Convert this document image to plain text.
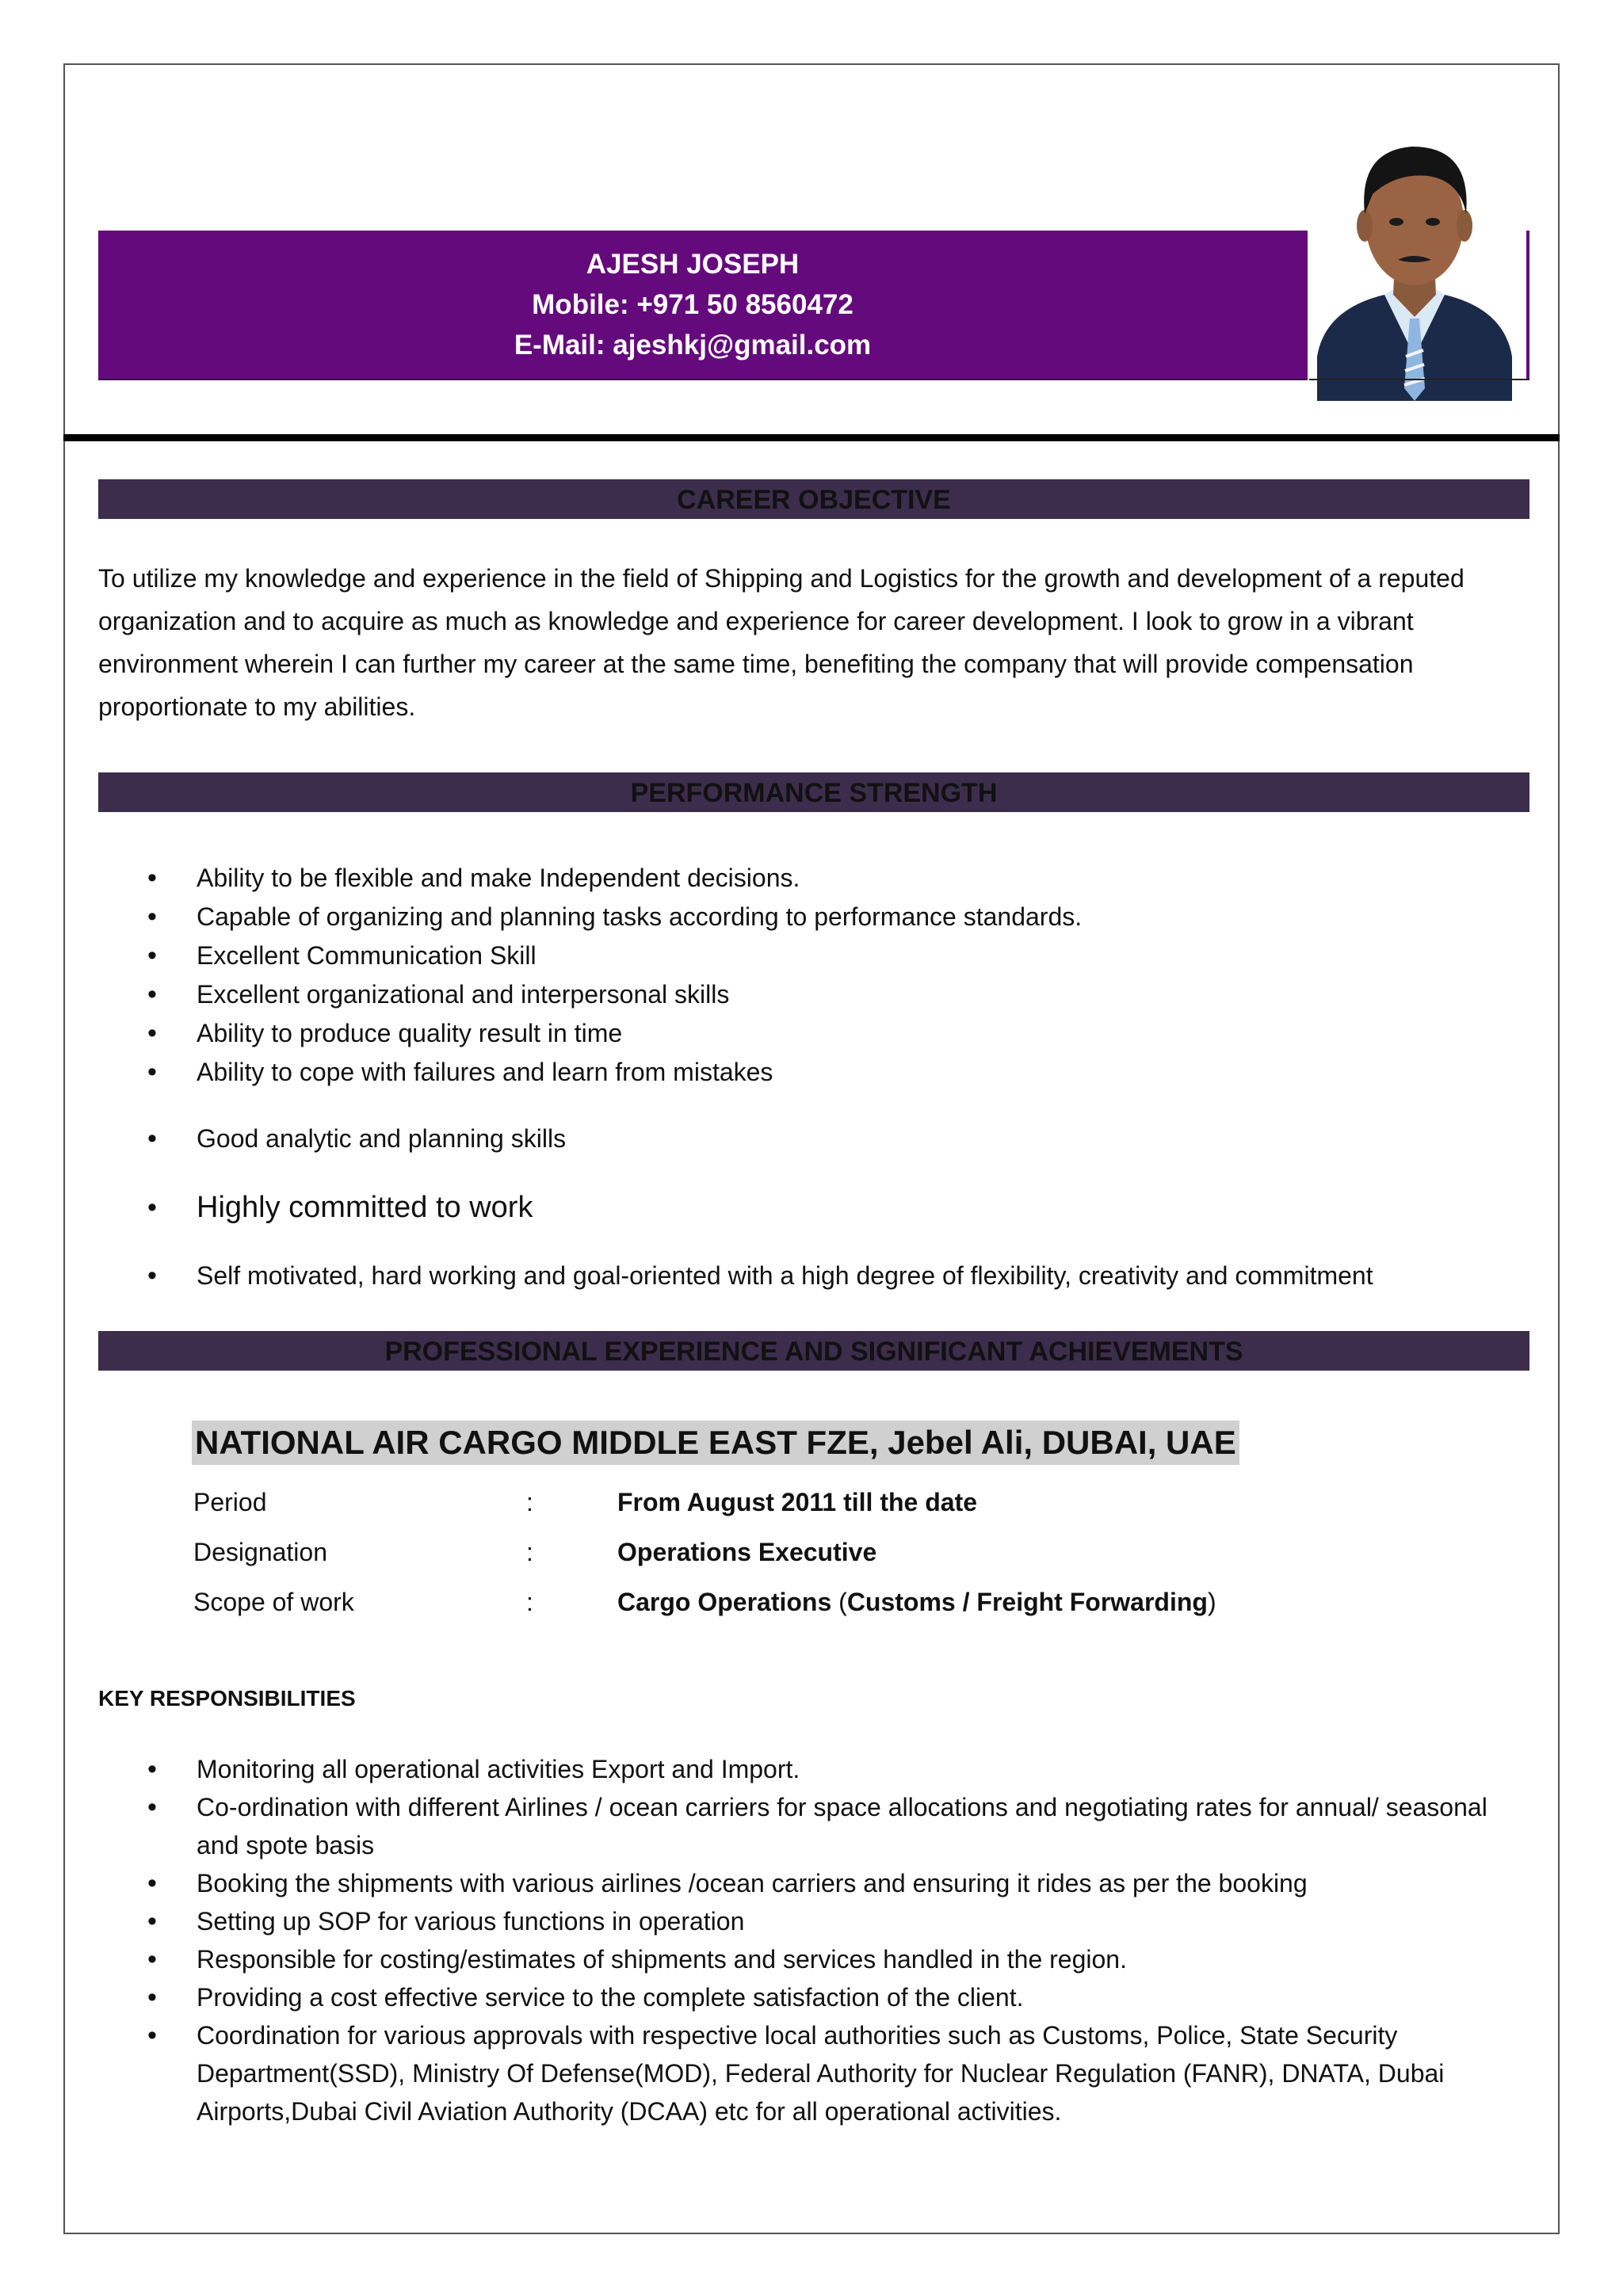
AJESH JOSEPH
Mobile: +971 50 8560472
E-Mail: ajeshkj@gmail.com
CAREER OBJECTIVE
To utilize my knowledge and experience in the field of Shipping and Logistics for the growth and development of a reputed organization and to acquire as much as knowledge and experience for career development. I look to grow in a vibrant environment wherein I can further my career at the same time, benefiting the company that will provide compensation proportionate to my abilities.
PERFORMANCE STRENGTH
• Ability to be flexible and make Independent decisions.
• Capable of organizing and planning tasks according to performance standards.
• Excellent Communication Skill
• Excellent organizational and interpersonal skills
• Ability to produce quality result in time
• Ability to cope with failures and learn from mistakes
• Good analytic and planning skills
• Highly committed to work
• Self motivated, hard working and goal-oriented with a high degree of flexibility, creativity and commitment
PROFESSIONAL EXPERIENCE AND SIGNIFICANT ACHIEVEMENTS
NATIONAL AIR CARGO MIDDLE EAST FZE, Jebel Ali, DUBAI, UAE
Period	:	From August 2011 till the date
Designation	:	Operations Executive
Scope of work	:	Cargo Operations (Customs / Freight Forwarding)
KEY RESPONSIBILITIES
• Monitoring all operational activities Export and Import.
• Co-ordination with different Airlines / ocean carriers for space allocations and negotiating rates for annual/ seasonal and spote basis
• Booking the shipments with various airlines /ocean carriers and ensuring it rides as per the booking
• Setting up SOP for various functions in operation
• Responsible for costing/estimates of shipments and services handled in the region.
• Providing a cost effective service to the complete satisfaction of the client.
• Coordination for various approvals with respective local authorities such as Customs, Police, State Security Department(SSD), Ministry Of Defense(MOD), Federal Authority for Nuclear Regulation (FANR), DNATA, Dubai Airports,Dubai Civil Aviation Authority (DCAA) etc for all operational activities.
